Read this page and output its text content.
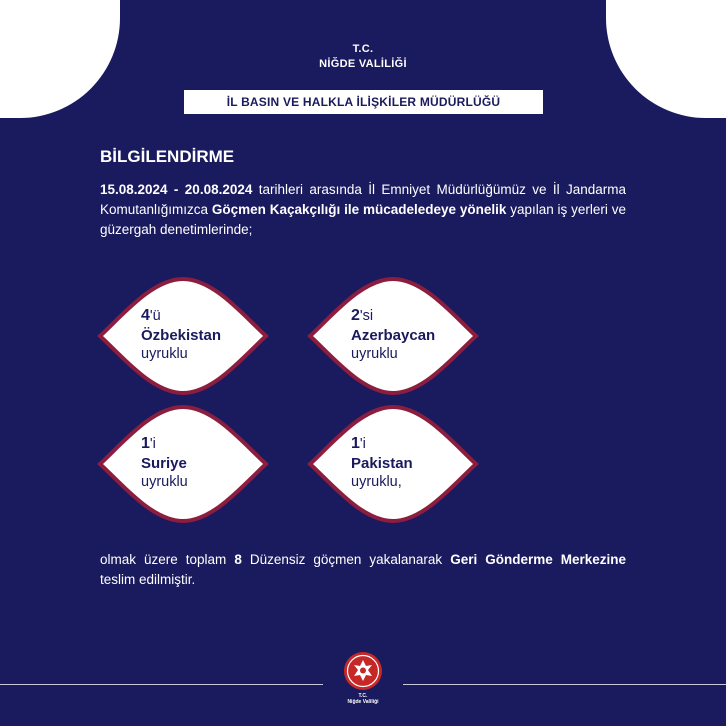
T.C.
NİĞDE VALİLİĞİ
İL BASIN VE HALKLA İLİŞKİLER MÜDÜRLÜĞÜ
BİLGİLENDİRME
15.08.2024 - 20.08.2024 tarihleri arasında İl Emniyet Müdürlüğümüz ve İl Jandarma Komutanlığımızca Göçmen Kaçakçılığı ile mücadeledeye yönelik yapılan iş yerleri ve güzergah denetimlerinde;
4'ü
Özbekistan
uyruklu
2'si
Azerbaycan
uyruklu
1'i
Suriye
uyruklu
1'i
Pakistan
uyruklu,
olmak üzere toplam 8 Düzensiz göçmen yakalanarak Geri Gönderme Merkezine teslim edilmiştir.
T.C.
Niğde Valiliği
